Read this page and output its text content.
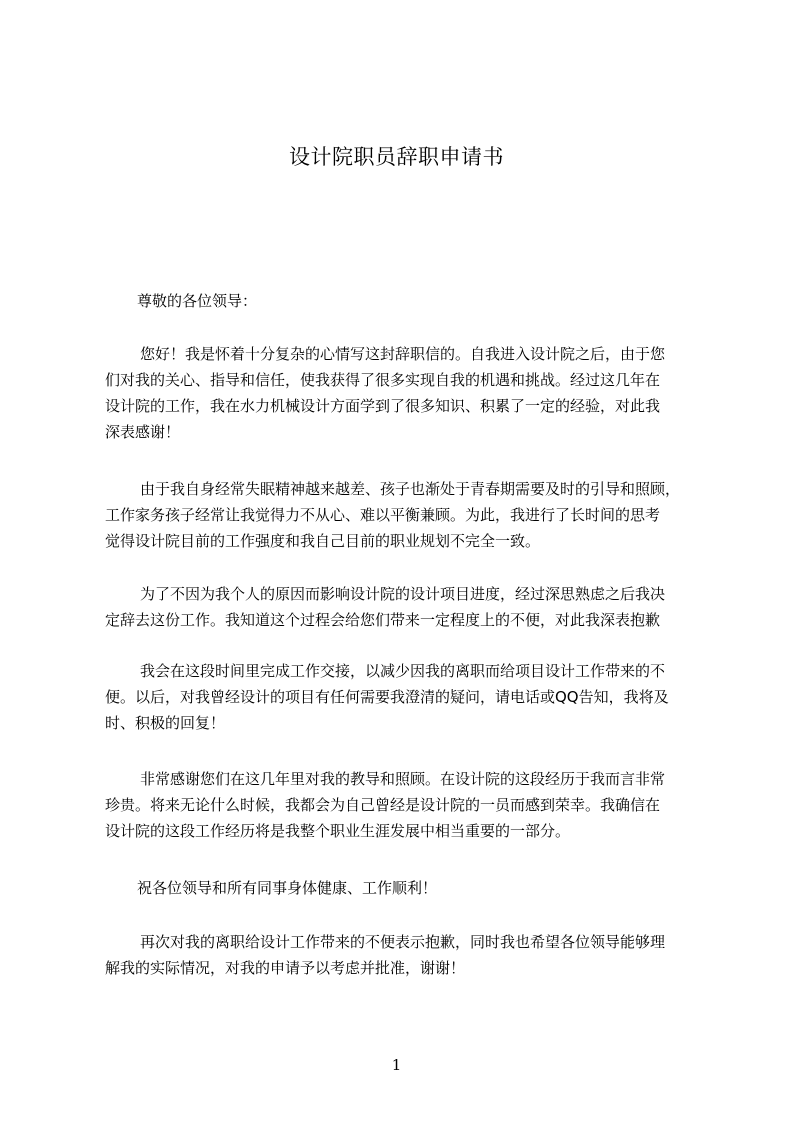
设计院职员辞职申请书
尊敬的各位领导：
您好！我是怀着十分复杂的心情写这封辞职信的。自我进入设计院之后，由于您
们对我的关心、指导和信任，使我获得了很多实现自我的机遇和挑战。经过这几年在
设计院的工作，我在水力机械设计方面学到了很多知识、积累了一定的经验，对此我
深表感谢！
由于我自身经常失眠精神越来越差、孩子也渐处于青春期需要及时的引导和照顾，
工作家务孩子经常让我觉得力不从心、难以平衡兼顾。为此，我进行了长时间的思考
觉得设计院目前的工作强度和我自己目前的职业规划不完全一致。
为了不因为我个人的原因而影响设计院的设计项目进度，经过深思熟虑之后我决
定辞去这份工作。我知道这个过程会给您们带来一定程度上的不便，对此我深表抱歉
我会在这段时间里完成工作交接，以减少因我的离职而给项目设计工作带来的不
便。以后，对我曾经设计的项目有任何需要我澄清的疑问，请电话或QQ告知，我将及
时、积极的回复！
非常感谢您们在这几年里对我的教导和照顾。在设计院的这段经历于我而言非常
珍贵。将来无论什么时候，我都会为自己曾经是设计院的一员而感到荣幸。我确信在
设计院的这段工作经历将是我整个职业生涯发展中相当重要的一部分。
祝各位领导和所有同事身体健康、工作顺利！
再次对我的离职给设计工作带来的不便表示抱歉，同时我也希望各位领导能够理
解我的实际情况，对我的申请予以考虑并批准，谢谢！
1
